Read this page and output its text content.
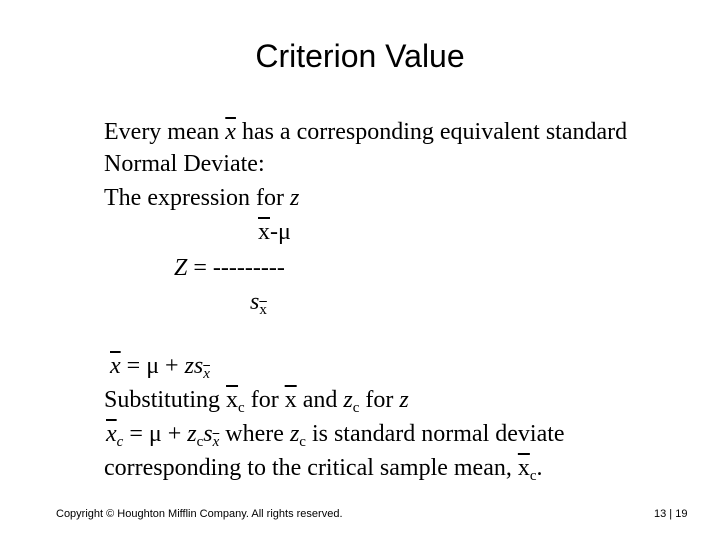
Criterion Value
Every mean $\overline{x}$ has a corresponding equivalent standard
Normal Deviate:
The expression for z
$\overline{x}-\mu$
Z = ---------
$s_{\overline{x}}$
$\overline{x} = \mu + zs_{\overline{x}}$
Substituting $\overline{x}_c$ for $\overline{x}$ and $z_c$ for z
$\overline{x}_c = \mu + z_cs_{\overline{x}}$ where $z_c$ is standard normal deviate
corresponding to the critical sample mean, $\overline{x}_c$.
Copyright © Houghton Mifflin Company. All rights reserved.	13 | 19
